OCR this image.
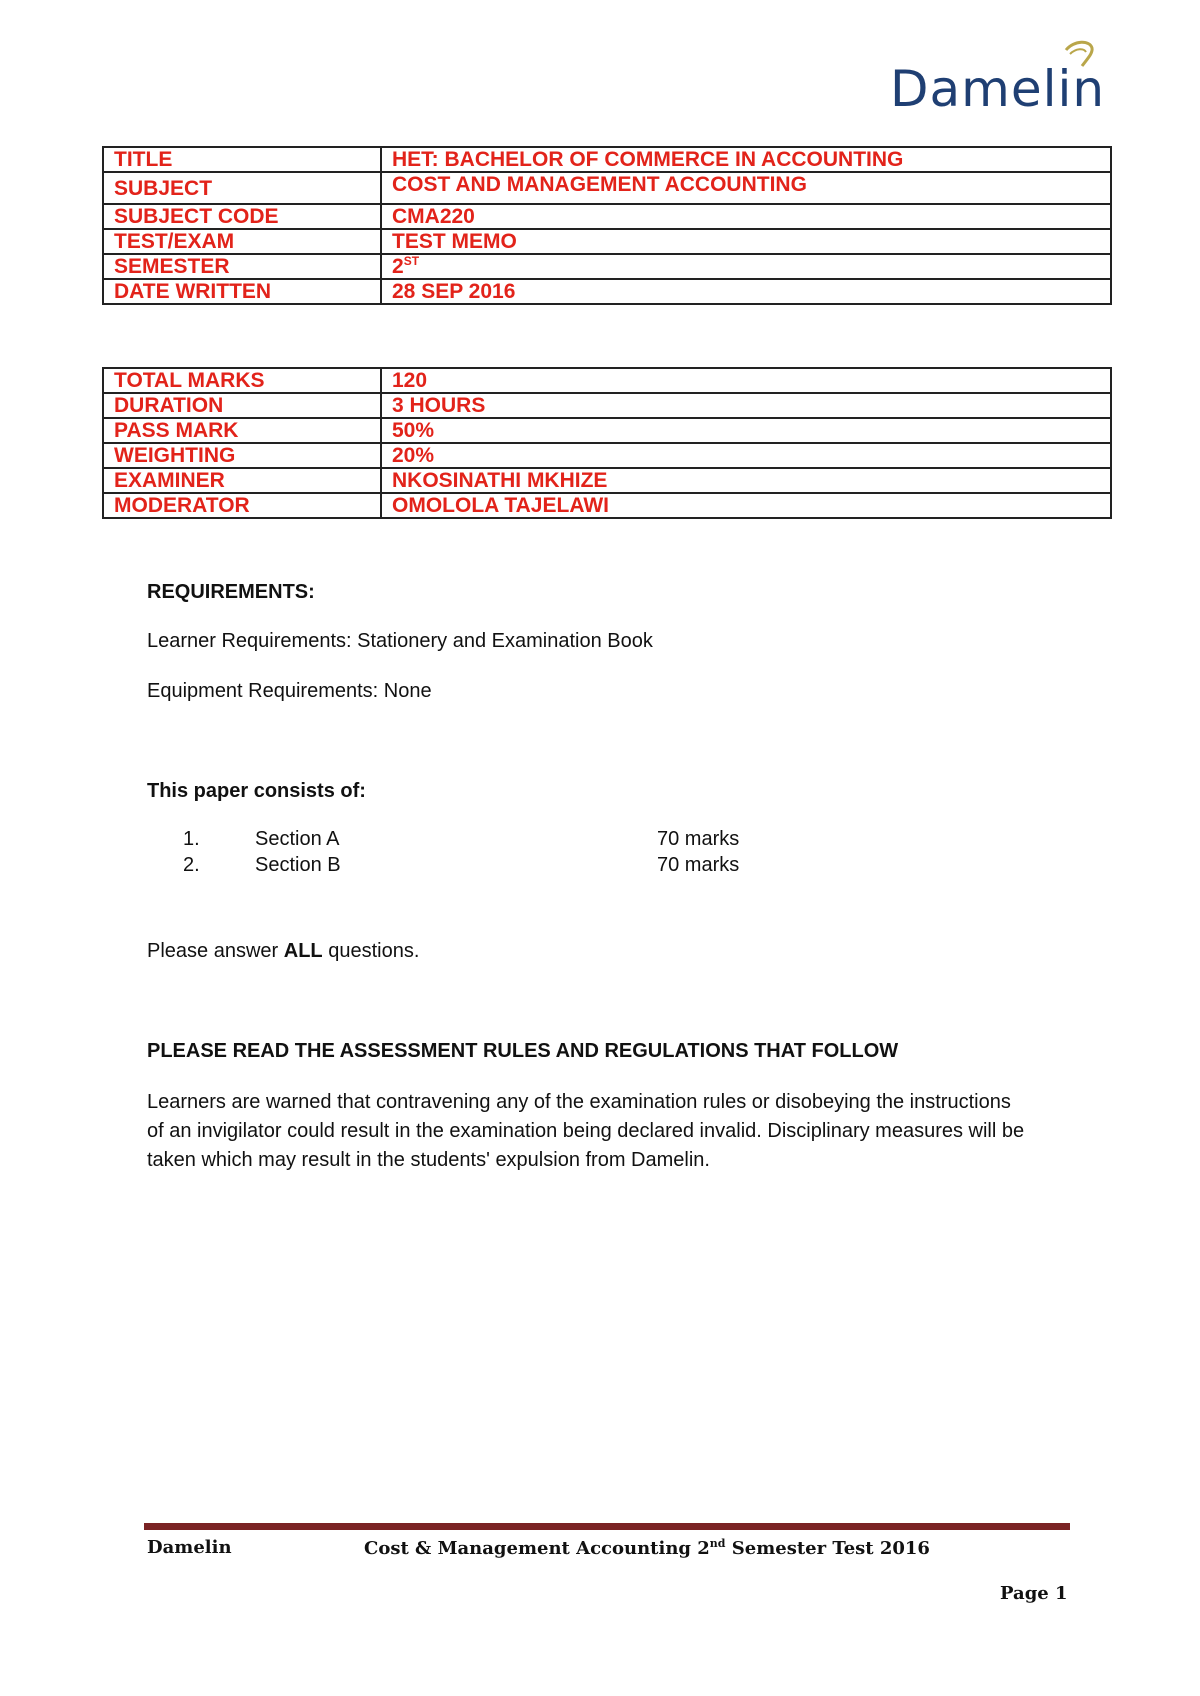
Damelin
TITLE	HET: BACHELOR OF COMMERCE IN ACCOUNTING
SUBJECT	COST AND MANAGEMENT ACCOUNTING
SUBJECT CODE	CMA220
TEST/EXAM	TEST MEMO
SEMESTER	2ST
DATE WRITTEN	28 SEP 2016
TOTAL MARKS	120
DURATION	3 HOURS
PASS MARK	50%
WEIGHTING	20%
EXAMINER	NKOSINATHI MKHIZE
MODERATOR	OMOLOLA TAJELAWI
REQUIREMENTS:
Learner Requirements: Stationery and Examination Book
Equipment Requirements: None
This paper consists of:
1.	Section A	70 marks
2.	Section B	70 marks
Please answer ALL questions.
PLEASE READ THE ASSESSMENT RULES AND REGULATIONS THAT FOLLOW
Learners are warned that contravening any of the examination rules or disobeying the instructions of an invigilator could result in the examination being declared invalid. Disciplinary measures will be taken which may result in the students' expulsion from Damelin.
Damelin	Cost & Management Accounting 2nd Semester Test 2016
Page 1
